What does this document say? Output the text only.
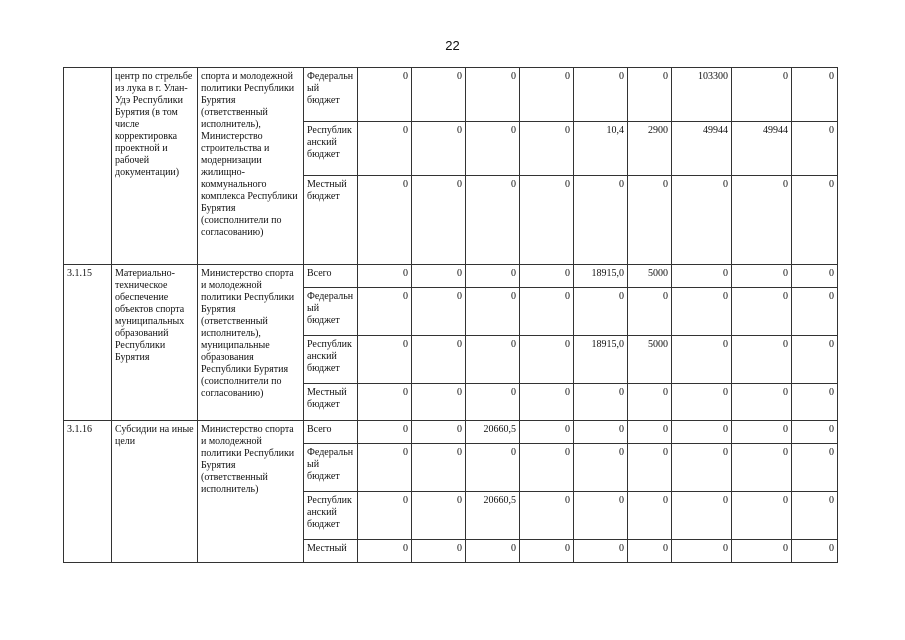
22
	центр по стрельбе из лука в г. Улан-Удэ Республики Бурятия (в том числе корректировка проектной и рабочей документации)	спорта и молодежной политики Республики Бурятия (ответственный исполнитель), Министерство строительства и модернизации жилищно-коммунального комплекса Республики Бурятия (соисполнители по согласованию)	Федеральный бюджет	0	0	0	0	0	0	103300	0	0
			Республиканский бюджет	0	0	0	0	10,4	2900	49944	49944	0
			Местный бюджет	0	0	0	0	0	0	0	0	0
3.1.15	Материально-техническое обеспечение объектов спорта муниципальных образований Республики Бурятия	Министерство спорта и молодежной политики Республики Бурятия (ответственный исполнитель), муниципальные образования Республики Бурятия (соисполнители по согласованию)	Всего	0	0	0	0	18915,0	5000	0	0	0
			Федеральный бюджет	0	0	0	0	0	0	0	0	0
			Республиканский бюджет	0	0	0	0	18915,0	5000	0	0	0
			Местный бюджет	0	0	0	0	0	0	0	0	0
3.1.16	Субсидии на иные цели	Министерство спорта и молодежной политики Республики Бурятия (ответственный исполнитель)	Всего	0	0	20660,5	0	0	0	0	0	0
			Федеральный бюджет	0	0	0	0	0	0	0	0	0
			Республиканский бюджет	0	0	20660,5	0	0	0	0	0	0
			Местный	0	0	0	0	0	0	0	0	0
